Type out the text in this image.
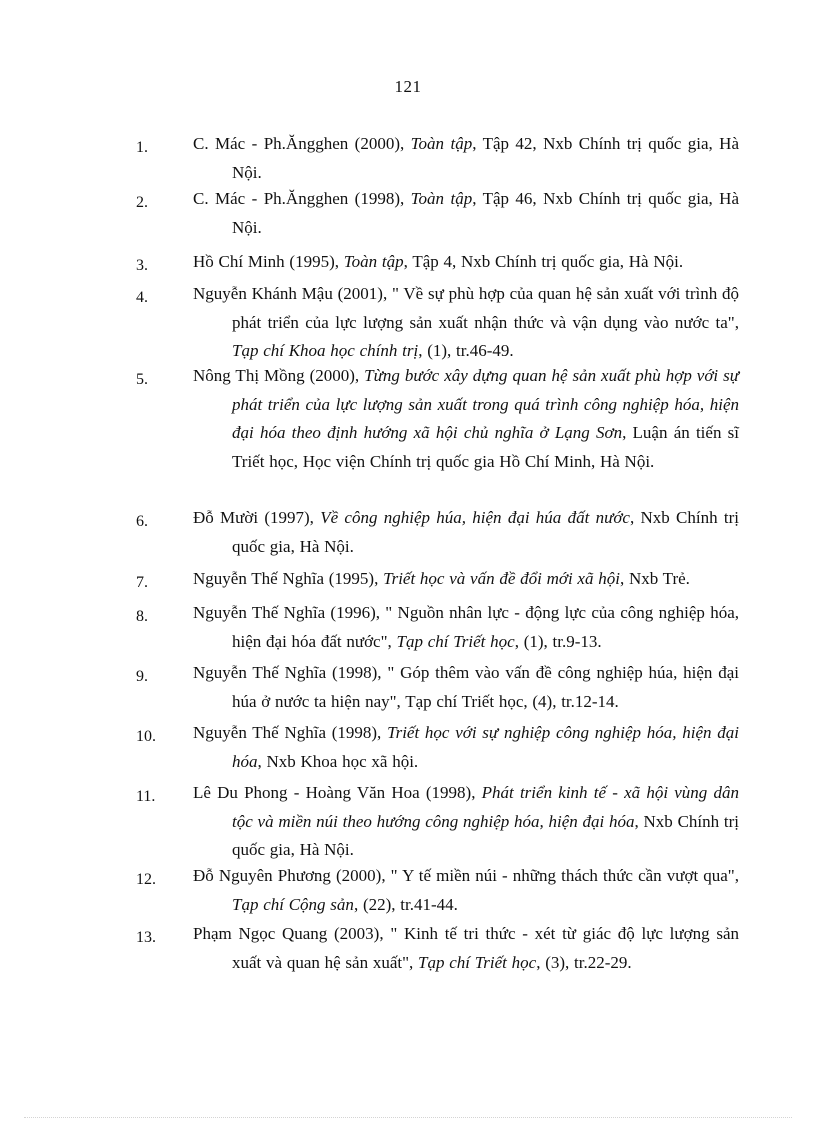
121
1.	C. Mác - Ph.Ăngghen (2000), Toàn tập, Tập 42, Nxb Chính trị quốc gia, Hà Nội.
2.	C. Mác - Ph.Ăngghen (1998), Toàn tập, Tập 46, Nxb Chính trị quốc gia, Hà Nội.
3.	Hồ Chí Minh (1995), Toàn tập, Tập 4, Nxb Chính trị quốc gia, Hà Nội.
4.	Nguyễn Khánh Mậu (2001), " Về sự phù hợp của quan hệ sản xuất với trình độ phát triển của lực lượng sản xuất nhận thức và vận dụng vào nước ta", Tạp chí Khoa học chính trị, (1), tr.46-49.
5.	Nông Thị Mồng (2000), Từng bước xây dựng quan hệ sản xuất phù hợp với sự phát triển của lực lượng sản xuất trong quá trình công nghiệp hóa, hiện đại hóa theo định hướng xã hội chủ nghĩa ở Lạng Sơn, Luận án tiến sĩ Triết học, Học viện Chính trị quốc gia Hồ Chí Minh, Hà Nội.
6.	Đỗ Mười (1997), Về công nghiệp húa, hiện đại húa đất nước, Nxb Chính trị quốc gia, Hà Nội.
7.	Nguyễn Thế Nghĩa (1995), Triết học và vấn đề đổi mới xã hội, Nxb Trẻ.
8.	Nguyễn Thế Nghĩa (1996), " Nguồn nhân lực - động lực của công nghiệp hóa, hiện đại hóa đất nước", Tạp chí Triết học, (1), tr.9-13.
9.	Nguyễn Thế Nghĩa (1998), " Góp thêm vào vấn đề công nghiệp húa, hiện đại húa ở nước ta hiện nay", Tạp chí Triết học, (4), tr.12-14.
10.	Nguyễn Thế Nghĩa (1998), Triết học với sự nghiệp công nghiệp hóa, hiện đại hóa, Nxb Khoa học xã hội.
11.	Lê Du Phong - Hoàng Văn Hoa (1998), Phát triển kinh tế - xã hội vùng dân tộc và miền núi theo hướng công nghiệp hóa, hiện đại hóa, Nxb Chính trị quốc gia, Hà Nội.
12.	Đỗ Nguyên Phương (2000), " Y tế miền núi - những thách thức cần vượt qua", Tạp chí Cộng sản, (22), tr.41-44.
13.	Phạm Ngọc Quang (2003), " Kinh tế tri thức - xét từ giác độ lực lượng sản xuất và quan hệ sản xuất", Tạp chí Triết học, (3), tr.22-29.
